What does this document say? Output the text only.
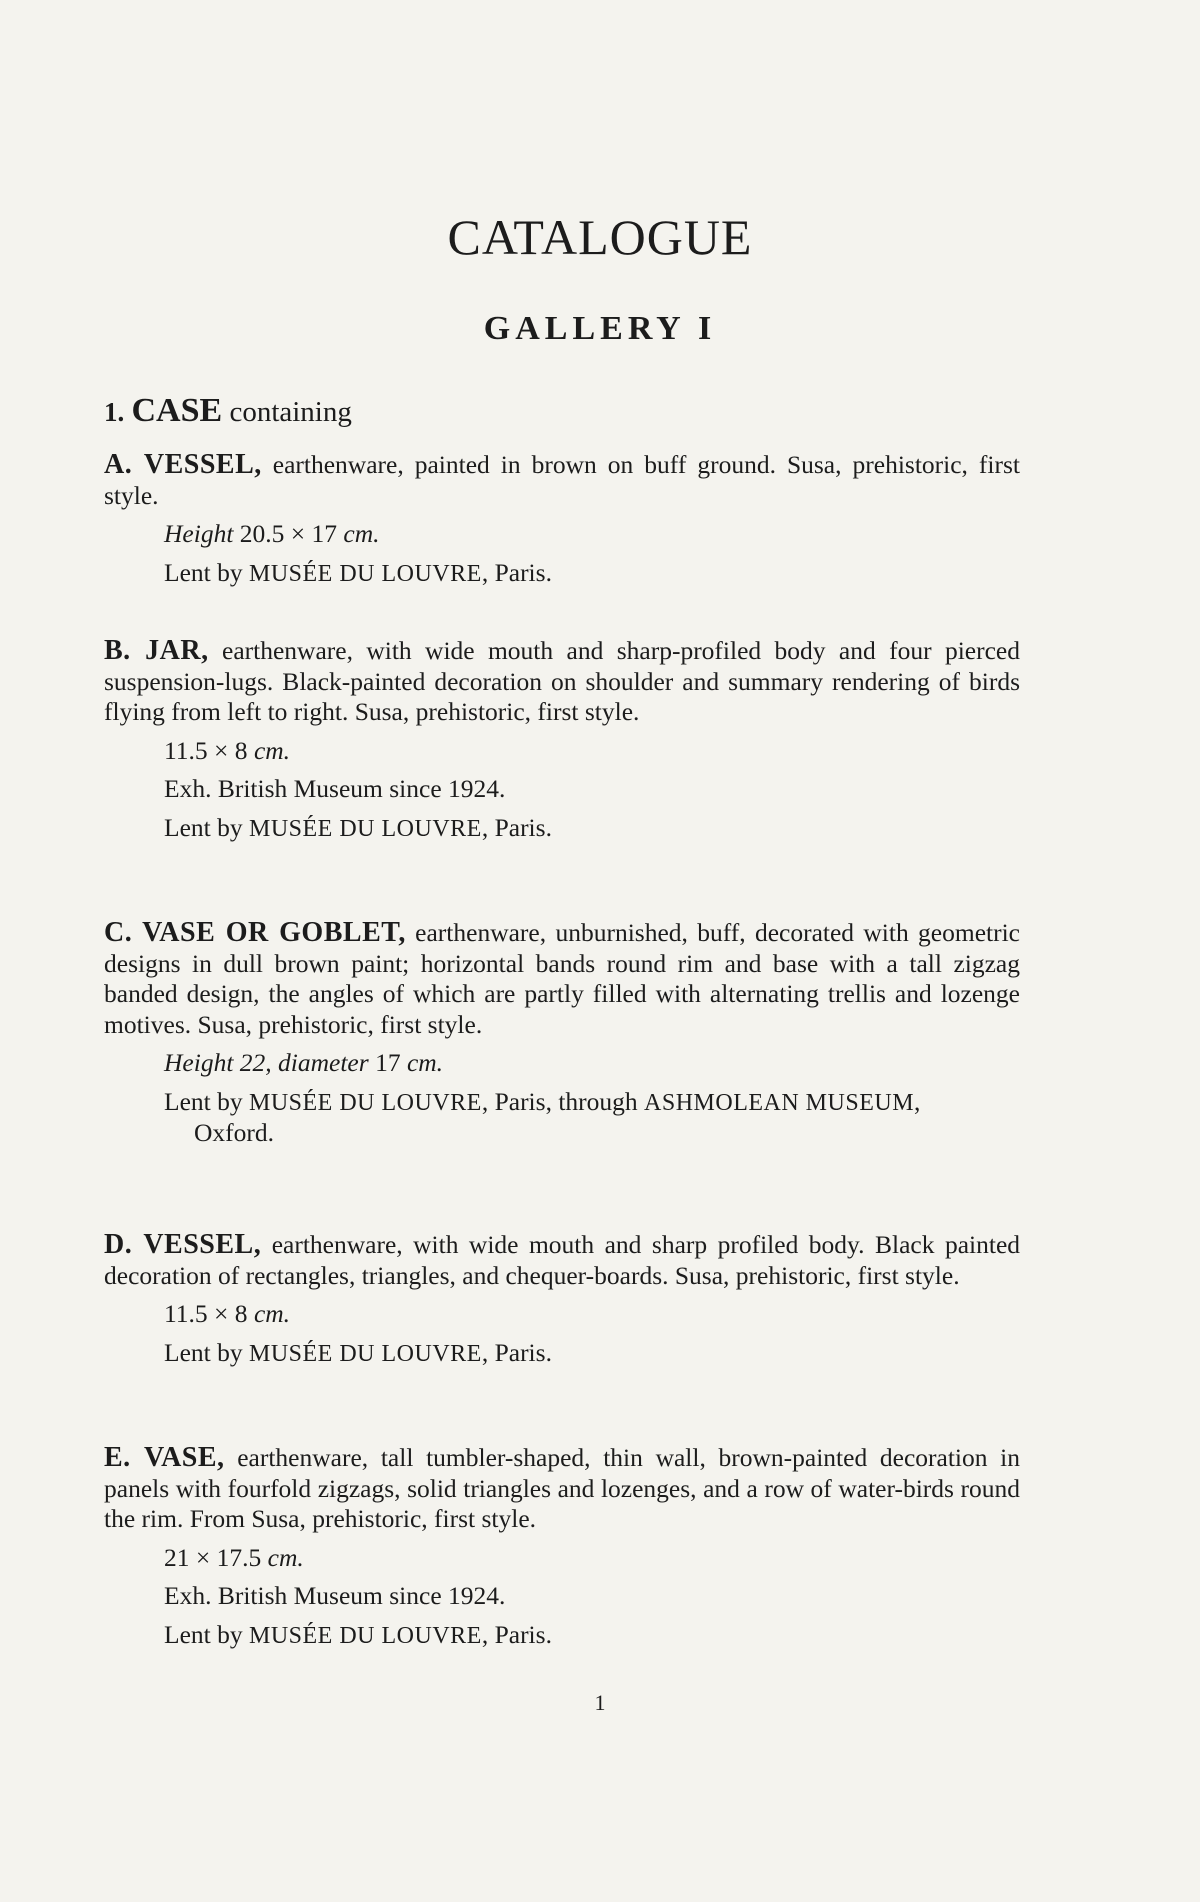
CATALOGUE
GALLERY I
1. CASE containing

A. VESSEL, earthenware, painted in brown on buff ground. Susa, prehistoric, first style.

Height 20.5 × 17 cm.
Lent by MUSÉE DU LOUVRE, Paris.

B. JAR, earthenware, with wide mouth and sharp-profiled body and four pierced suspension-lugs. Black-painted decoration on shoulder and summary rendering of birds flying from left to right. Susa, prehistoric, first style.

11.5 × 8 cm.
Exh. British Museum since 1924.
Lent by MUSÉE DU LOUVRE, Paris.

C. VASE OR GOBLET, earthenware, unburnished, buff, decorated with geometric designs in dull brown paint; horizontal bands round rim and base with a tall zigzag banded design, the angles of which are partly filled with alternating trellis and lozenge motives. Susa, prehistoric, first style.

Height 22, diameter 17 cm.
Lent by MUSÉE DU LOUVRE, Paris, through ASHMOLEAN MUSEUM,
Oxford.

D. VESSEL, earthenware, with wide mouth and sharp profiled body. Black painted decoration of rectangles, triangles, and chequer-boards. Susa, prehistoric, first style.

11.5 × 8 cm.
Lent by MUSÉE DU LOUVRE, Paris.

E. VASE, earthenware, tall tumbler-shaped, thin wall, brown-painted decoration in panels with fourfold zigzags, solid triangles and lozenges, and a row of water-birds round the rim. From Susa, prehistoric, first style.

21 × 17.5 cm.
Exh. British Museum since 1924.
Lent by MUSÉE DU LOUVRE, Paris.
1
